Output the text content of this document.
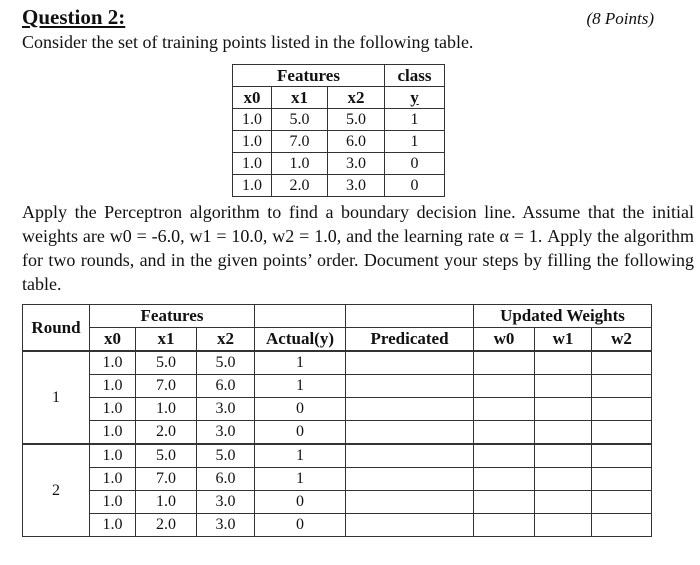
Question 2:	(8 Points)
Consider the set of training points listed in the following table.
Features			class
x0	x1	x2	y
1.0	5.0	5.0	1
1.0	7.0	6.0	1
1.0	1.0	3.0	0
1.0	2.0	3.0	0
Apply the Perceptron algorithm to find a boundary decision line. Assume that the initial weights are w0 = -6.0, w1 = 10.0, w2 = 1.0, and the learning rate α = 1. Apply the algorithm for two rounds, and in the given points’ order. Document your steps by filling the following table.
Round	Features					Updated Weights		
	x0	x1	x2	Actual(y)	Predicated	w0	w1	w2
1	1.0	5.0	5.0	1				
	1.0	7.0	6.0	1				
	1.0	1.0	3.0	0				
	1.0	2.0	3.0	0				
2	1.0	5.0	5.0	1				
	1.0	7.0	6.0	1				
	1.0	1.0	3.0	0				
	1.0	2.0	3.0	0				
